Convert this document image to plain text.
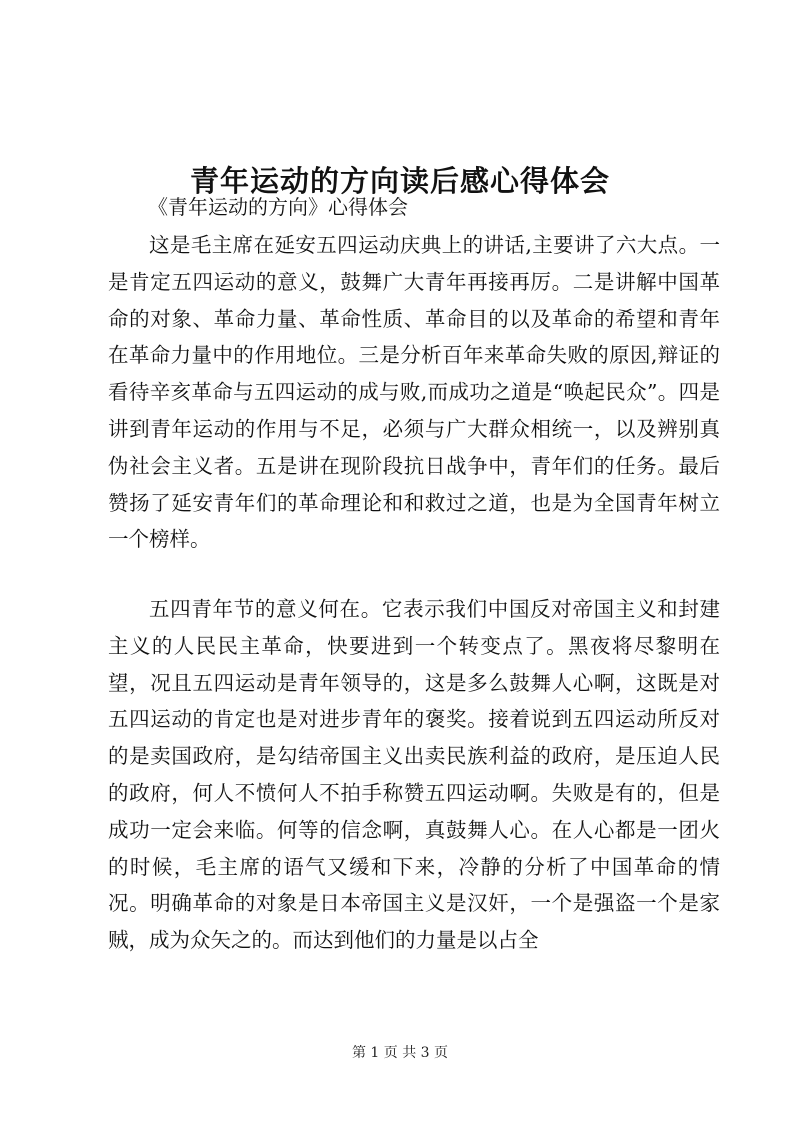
青年运动的方向读后感心得体会
《青年运动的方向》心得体会

这是毛主席在延安五四运动庆典上的讲话,主要讲了六大点。一是肯定五四运动的意义，鼓舞广大青年再接再厉。二是讲解中国革命的对象、革命力量、革命性质、革命目的以及革命的希望和青年在革命力量中的作用地位。三是分析百年来革命失败的原因,辩证的看待辛亥革命与五四运动的成与败,而成功之道是“唤起民众”。四是讲到青年运动的作用与不足，必须与广大群众相统一，以及辨别真伪社会主义者。五是讲在现阶段抗日战争中，青年们的任务。最后赞扬了延安青年们的革命理论和和救过之道，也是为全国青年树立一个榜样。

五四青年节的意义何在。它表示我们中国反对帝国主义和封建主义的人民民主革命，快要进到一个转变点了。黑夜将尽黎明在望，况且五四运动是青年领导的，这是多么鼓舞人心啊，这既是对五四运动的肯定也是对进步青年的褒奖。接着说到五四运动所反对的是卖国政府，是勾结帝国主义出卖民族利益的政府，是压迫人民的政府，何人不愤何人不拍手称赞五四运动啊。失败是有的，但是成功一定会来临。何等的信念啊，真鼓舞人心。在人心都是一团火的时候，毛主席的语气又缓和下来，冷静的分析了中国革命的情况。明确革命的对象是日本帝国主义是汉奸，一个是强盗一个是家贼，成为众矢之的。而达到他们的力量是以占全

第 1 页 共 3 页
